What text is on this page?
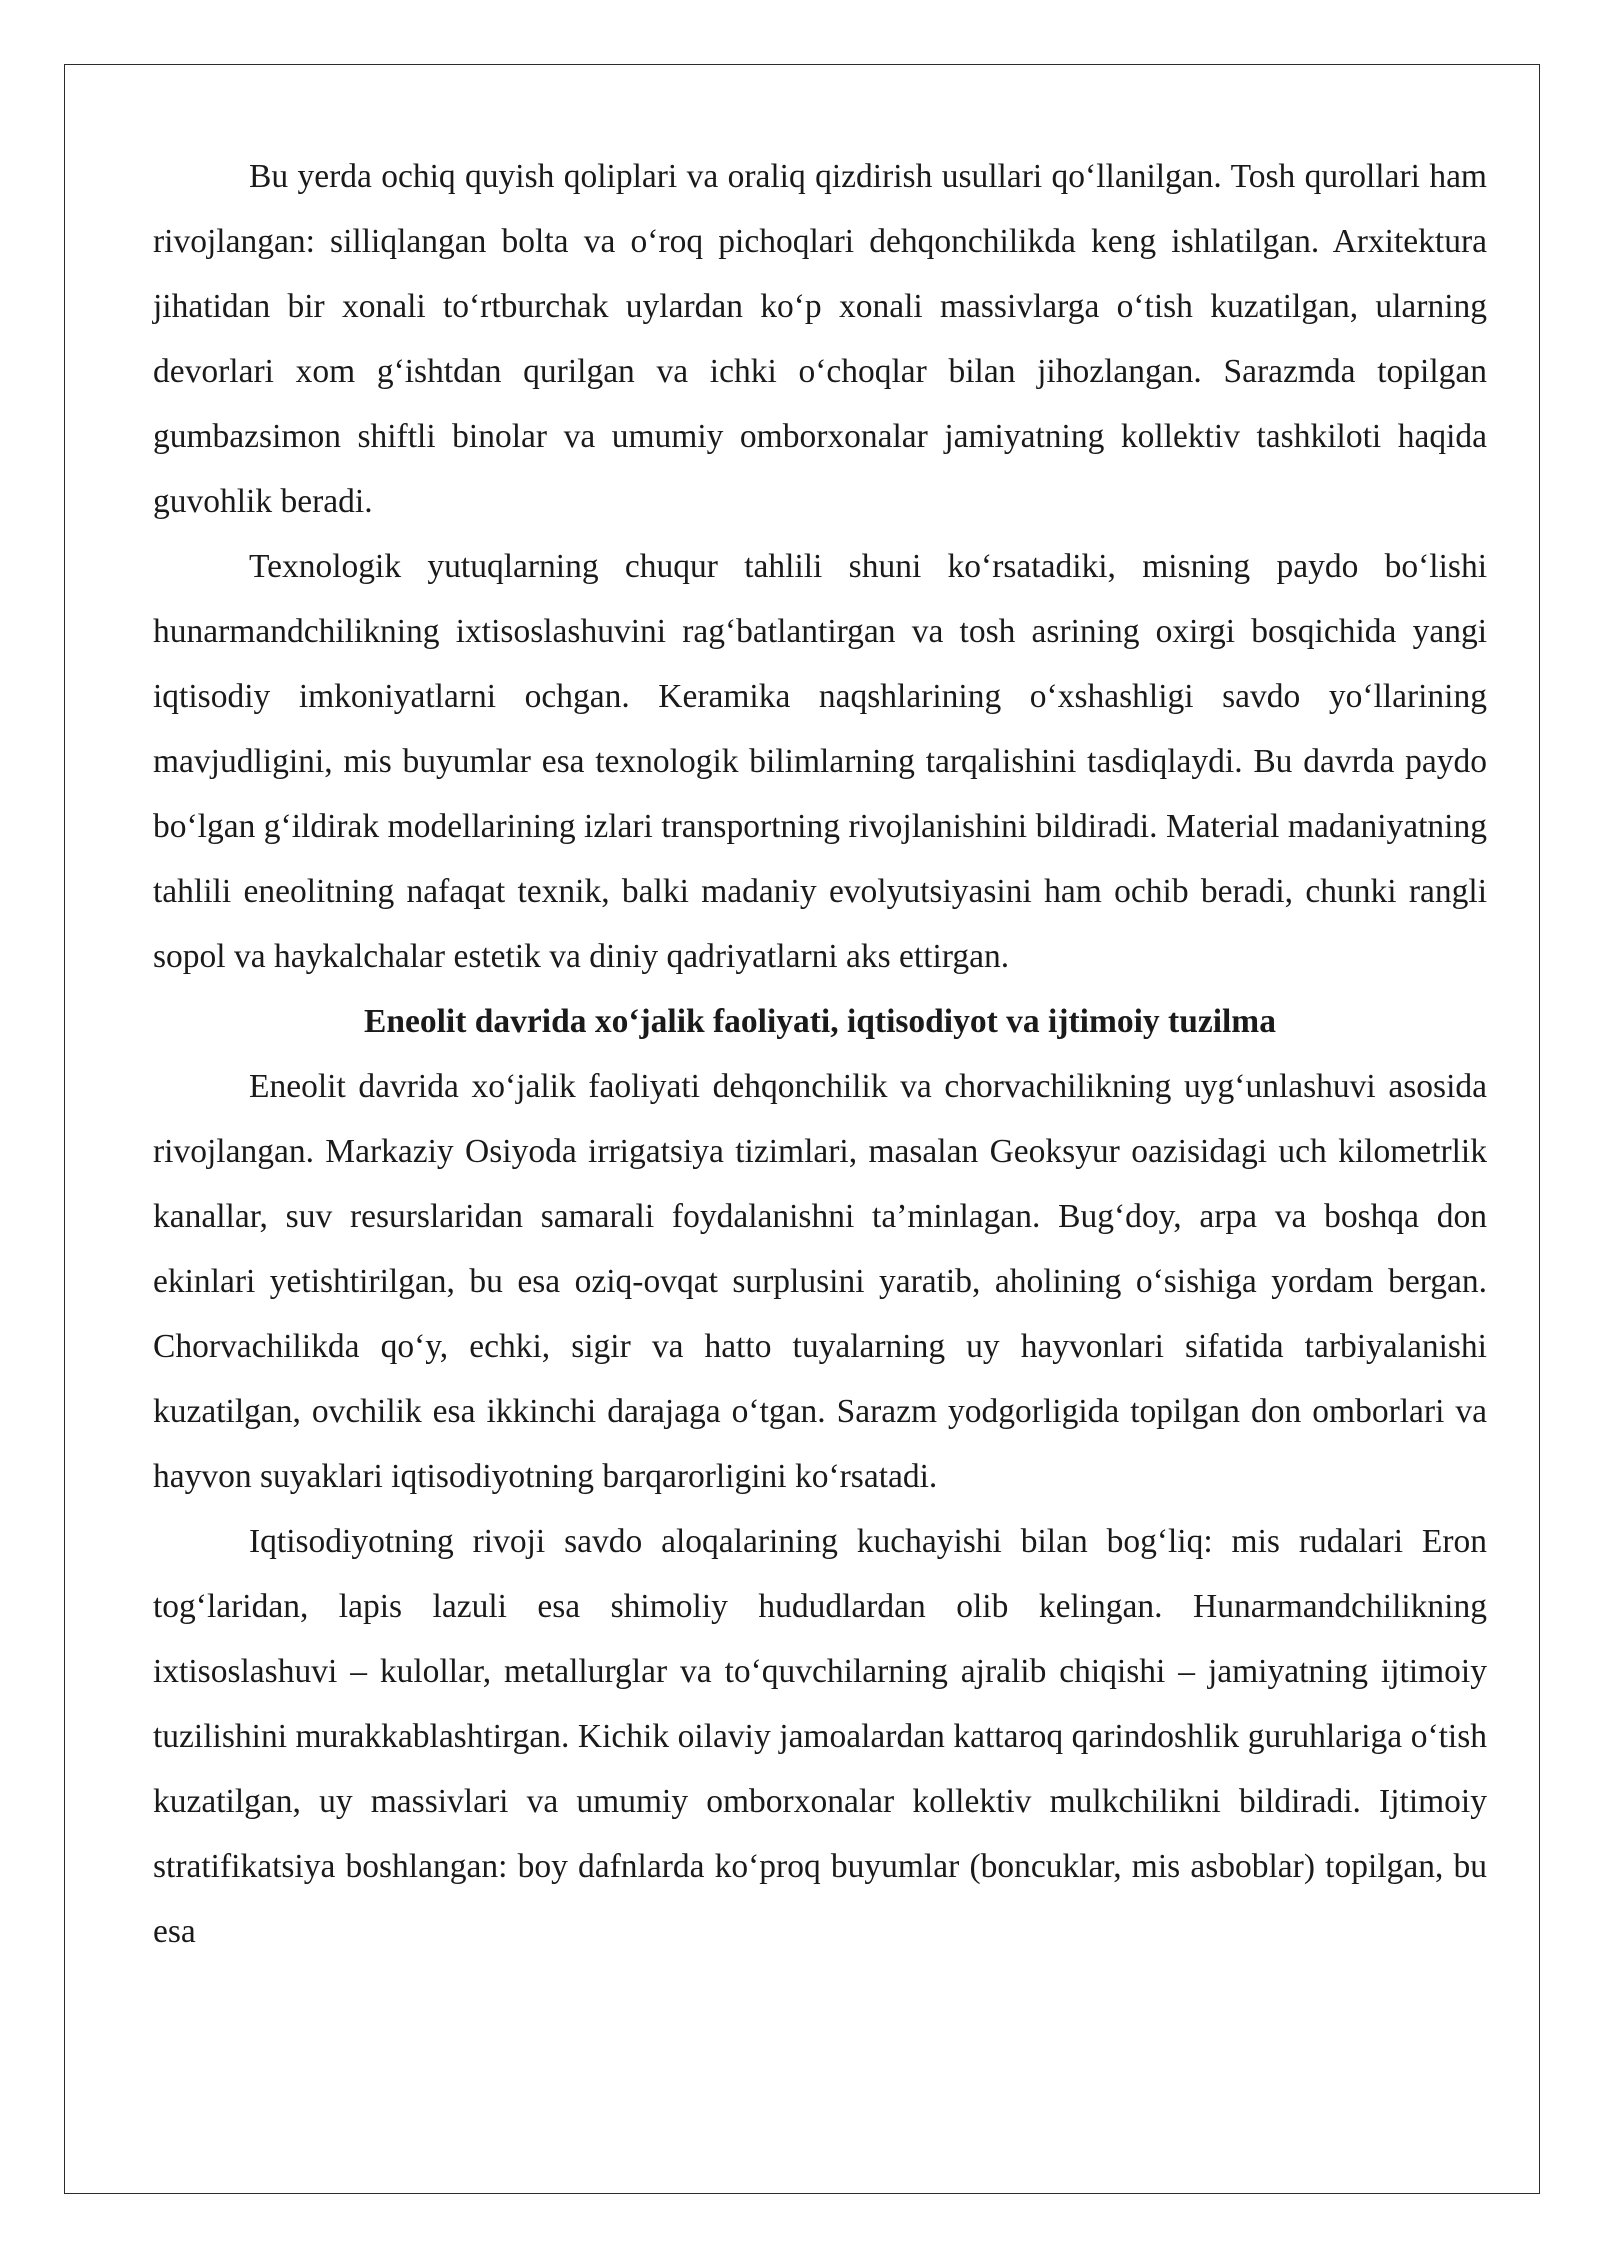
Bu yerda ochiq quyish qoliplari va oraliq qizdirish usullari qo‘llanilgan. Tosh qurollari ham rivojlangan: silliqlangan bolta va o‘roq pichoqlari dehqonchilikda keng ishlatilgan. Arxitektura jihatidan bir xonali to‘rtburchak uylardan ko‘p xonali massivlarga o‘tish kuzatilgan, ularning devorlari xom g‘ishtdan qurilgan va ichki o‘choqlar bilan jihozlangan. Sarazmda topilgan gumbazsimon shiftli binolar va umumiy omborxonalar jamiyatning kollektiv tashkiloti haqida guvohlik beradi.

Texnologik yutuqlarning chuqur tahlili shuni ko‘rsatadiki, misning paydo bo‘lishi hunarmandchilikning ixtisoslashuvini rag‘batlantirgan va tosh asrining oxirgi bosqichida yangi iqtisodiy imkoniyatlarni ochgan. Keramika naqshlarining o‘xshashligi savdo yo‘llarining mavjudligini, mis buyumlar esa texnologik bilimlarning tarqalishini tasdiqlaydi. Bu davrda paydo bo‘lgan g‘ildirak modellarining izlari transportning rivojlanishini bildiradi. Material madaniyatning tahlili eneolitning nafaqat texnik, balki madaniy evolyutsiyasini ham ochib beradi, chunki rangli sopol va haykalchalar estetik va diniy qadriyatlarni aks ettirgan.

Eneolit davrida xo‘jalik faoliyati, iqtisodiyot va ijtimoiy tuzilma

Eneolit davrida xo‘jalik faoliyati dehqonchilik va chorvachilikning uyg‘unlashuvi asosida rivojlangan. Markaziy Osiyoda irrigatsiya tizimlari, masalan Geoksyur oazisidagi uch kilometrlik kanallar, suv resurslaridan samarali foydalanishni ta’minlagan. Bug‘doy, arpa va boshqa don ekinlari yetishtirilgan, bu esa oziq-ovqat surplusini yaratib, aholining o‘sishiga yordam bergan. Chorvachilikda qo‘y, echki, sigir va hatto tuyalarning uy hayvonlari sifatida tarbiyalanishi kuzatilgan, ovchilik esa ikkinchi darajaga o‘tgan. Sarazm yodgorligida topilgan don omborlari va hayvon suyaklari iqtisodiyotning barqarorligini ko‘rsatadi.

Iqtisodiyotning rivoji savdo aloqalarining kuchayishi bilan bog‘liq: mis rudalari Eron tog‘laridan, lapis lazuli esa shimoliy hududlardan olib kelingan. Hunarmandchilikning ixtisoslashuvi – kulollar, metallurglar va to‘quvchilarning ajralib chiqishi – jamiyatning ijtimoiy tuzilishini murakkablashtirgan. Kichik oilaviy jamoalardan kattaroq qarindoshlik guruhlariga o‘tish kuzatilgan, uy massivlari va umumiy omborxonalar kollektiv mulkchilikni bildiradi. Ijtimoiy stratifikatsiya boshlangan: boy dafnlarda ko‘proq buyumlar (boncuklar, mis asboblar) topilgan, bu esa
